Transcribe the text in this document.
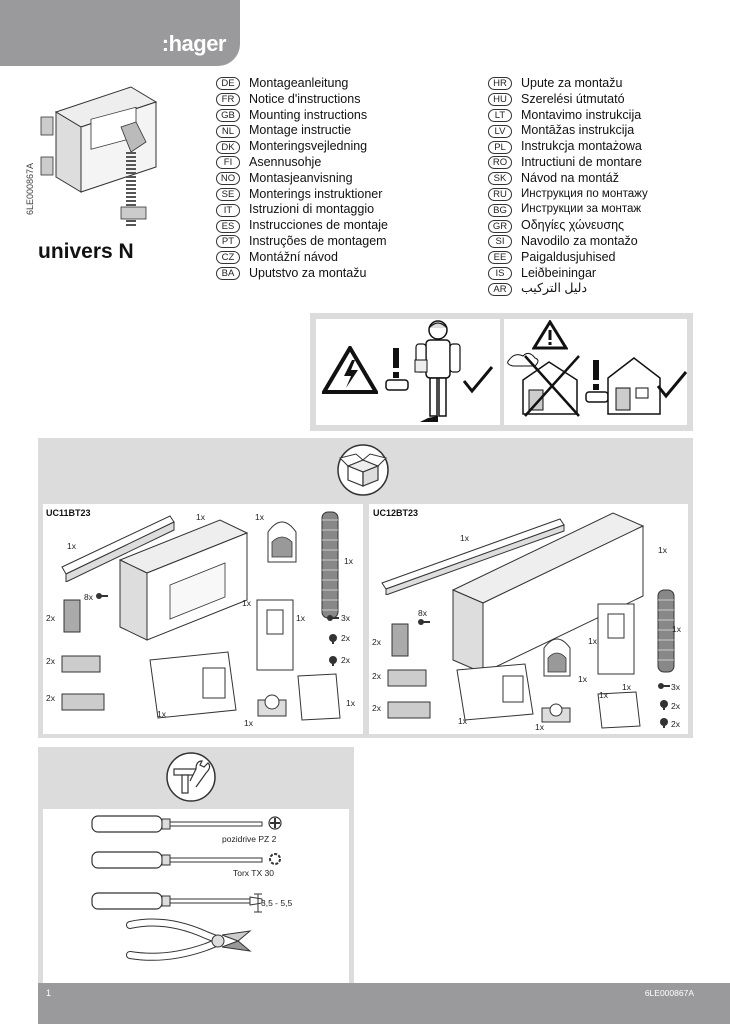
:hager
6LE000867A
univers N
DE	Montageanleitung
FR	Notice d'instructions
GB	Mounting instructions
NL	Montage instructie
DK	Monteringsvejledning
FI	Asennusohje
NO	Montasjeanvisning
SE	Monterings instruktioner
IT	Istruzioni di montaggio
ES	Instrucciones de montaje
PT	Instruções de montagem
CZ	Montážní návod
BA	Uputstvo za montažu
HR	Upute za montažu
HU	Szerelési útmutató
LT	Montavimo instrukcija
LV	Montāžas instrukcija
PL	Instrukcja montażowa
RO	Intructiuni de montare
SK	Návod na montáž
RU	Инструкция по монтажу
BG	Инструкции за монтаж
GR	Οδηγίες χώνευσης
SI	Navodilo za montažo
EE	Paigaldusjuhised
IS	Leiðbeiningar
AR	دليل التركيب
UC11BT23	UC12BT23
1x
1x	1x
1x
8x
2x
2x
2x
1x
1x	3x
2x
2x
1x
1x
1x
1x
1x
8x
2x
2x
2x
1x
1x
1x
1x
1x
3x
2x
2x
1x
1x
pozidrive PZ 2
Torx TX 30
3,5 - 5,5
1	6LE000867A
